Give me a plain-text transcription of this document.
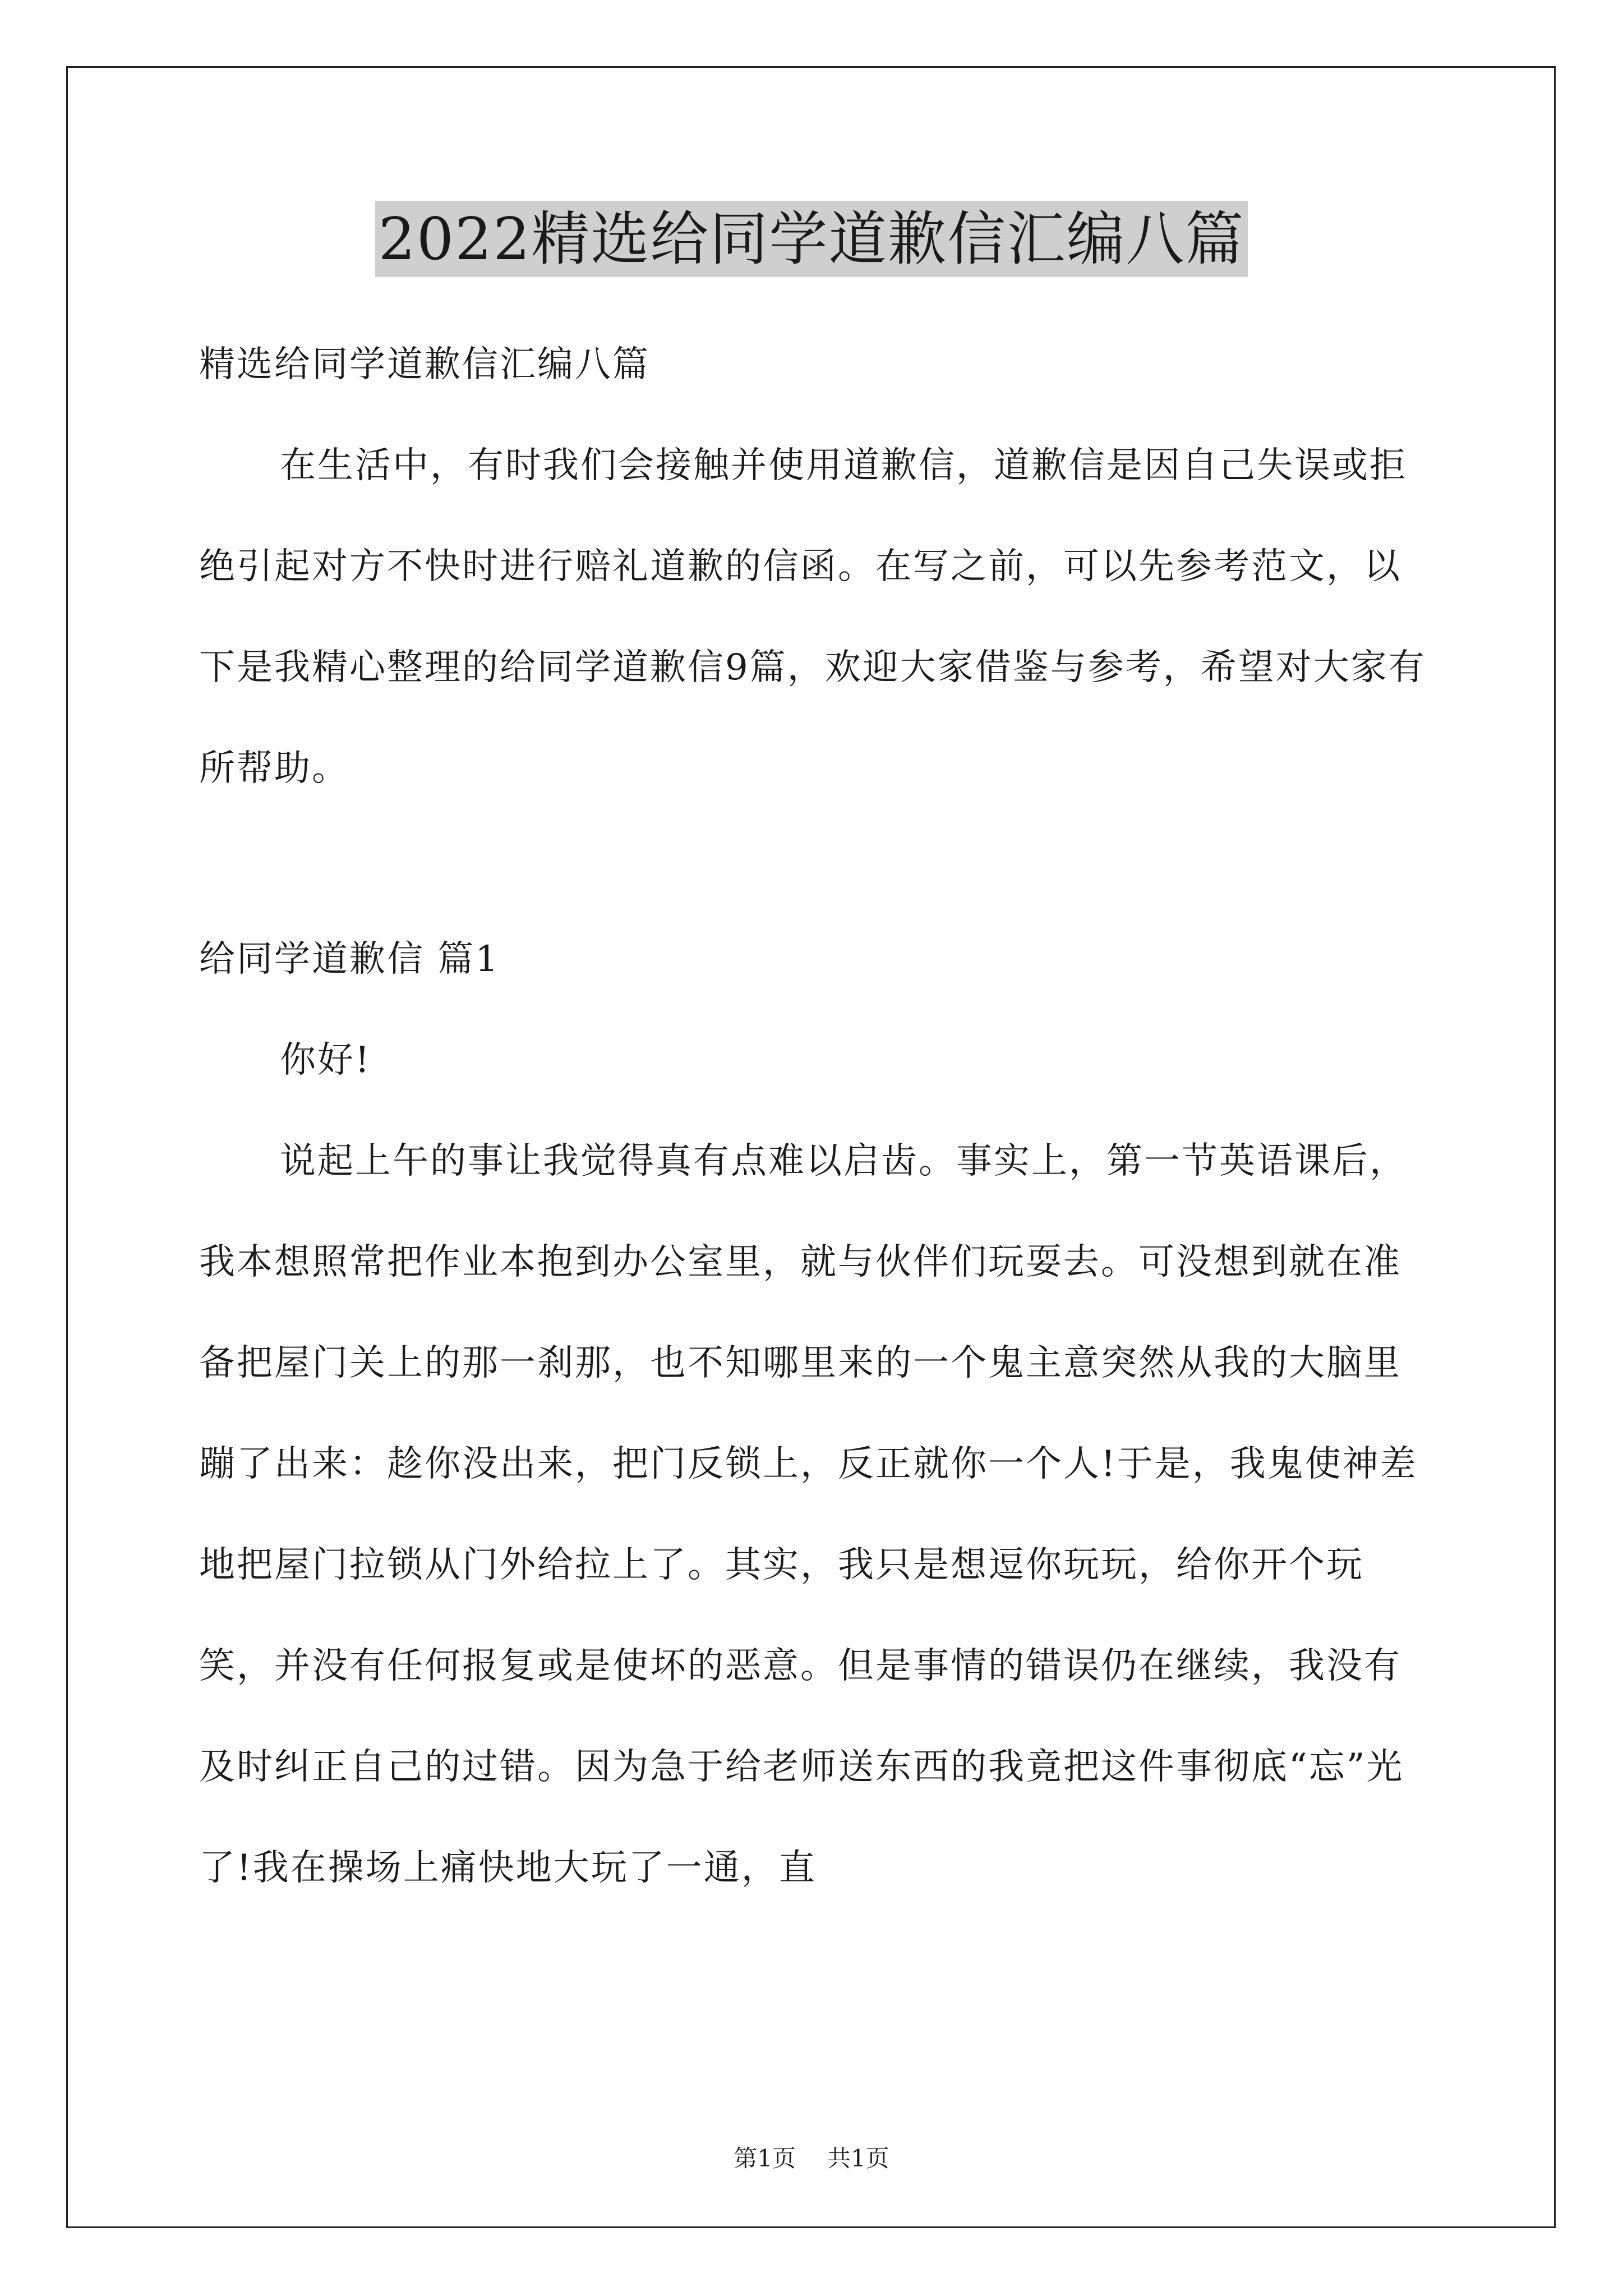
2022精选给同学道歉信汇编八篇

精选给同学道歉信汇编八篇

在生活中，有时我们会接触并使用道歉信，道歉信是因自己失误或拒绝引起对方不快时进行赔礼道歉的信函。在写之前，可以先参考范文，以下是我精心整理的给同学道歉信9篇，欢迎大家借鉴与参考，希望对大家有所帮助。

给同学道歉信 篇1

你好!

说起上午的事让我觉得真有点难以启齿。事实上，第一节英语课后，我本想照常把作业本抱到办公室里，就与伙伴们玩耍去。可没想到就在准备把屋门关上的那一刹那，也不知哪里来的一个鬼主意突然从我的大脑里蹦了出来：趁你没出来，把门反锁上，反正就你一个人!于是，我鬼使神差地把屋门拉锁从门外给拉上了。其实，我只是想逗你玩玩，给你开个玩笑，并没有任何报复或是使坏的恶意。但是事情的错误仍在继续，我没有及时纠正自己的过错。因为急于给老师送东西的我竟把这件事彻底“忘”光了!我在操场上痛快地大玩了一通，直

第1页 共1页
